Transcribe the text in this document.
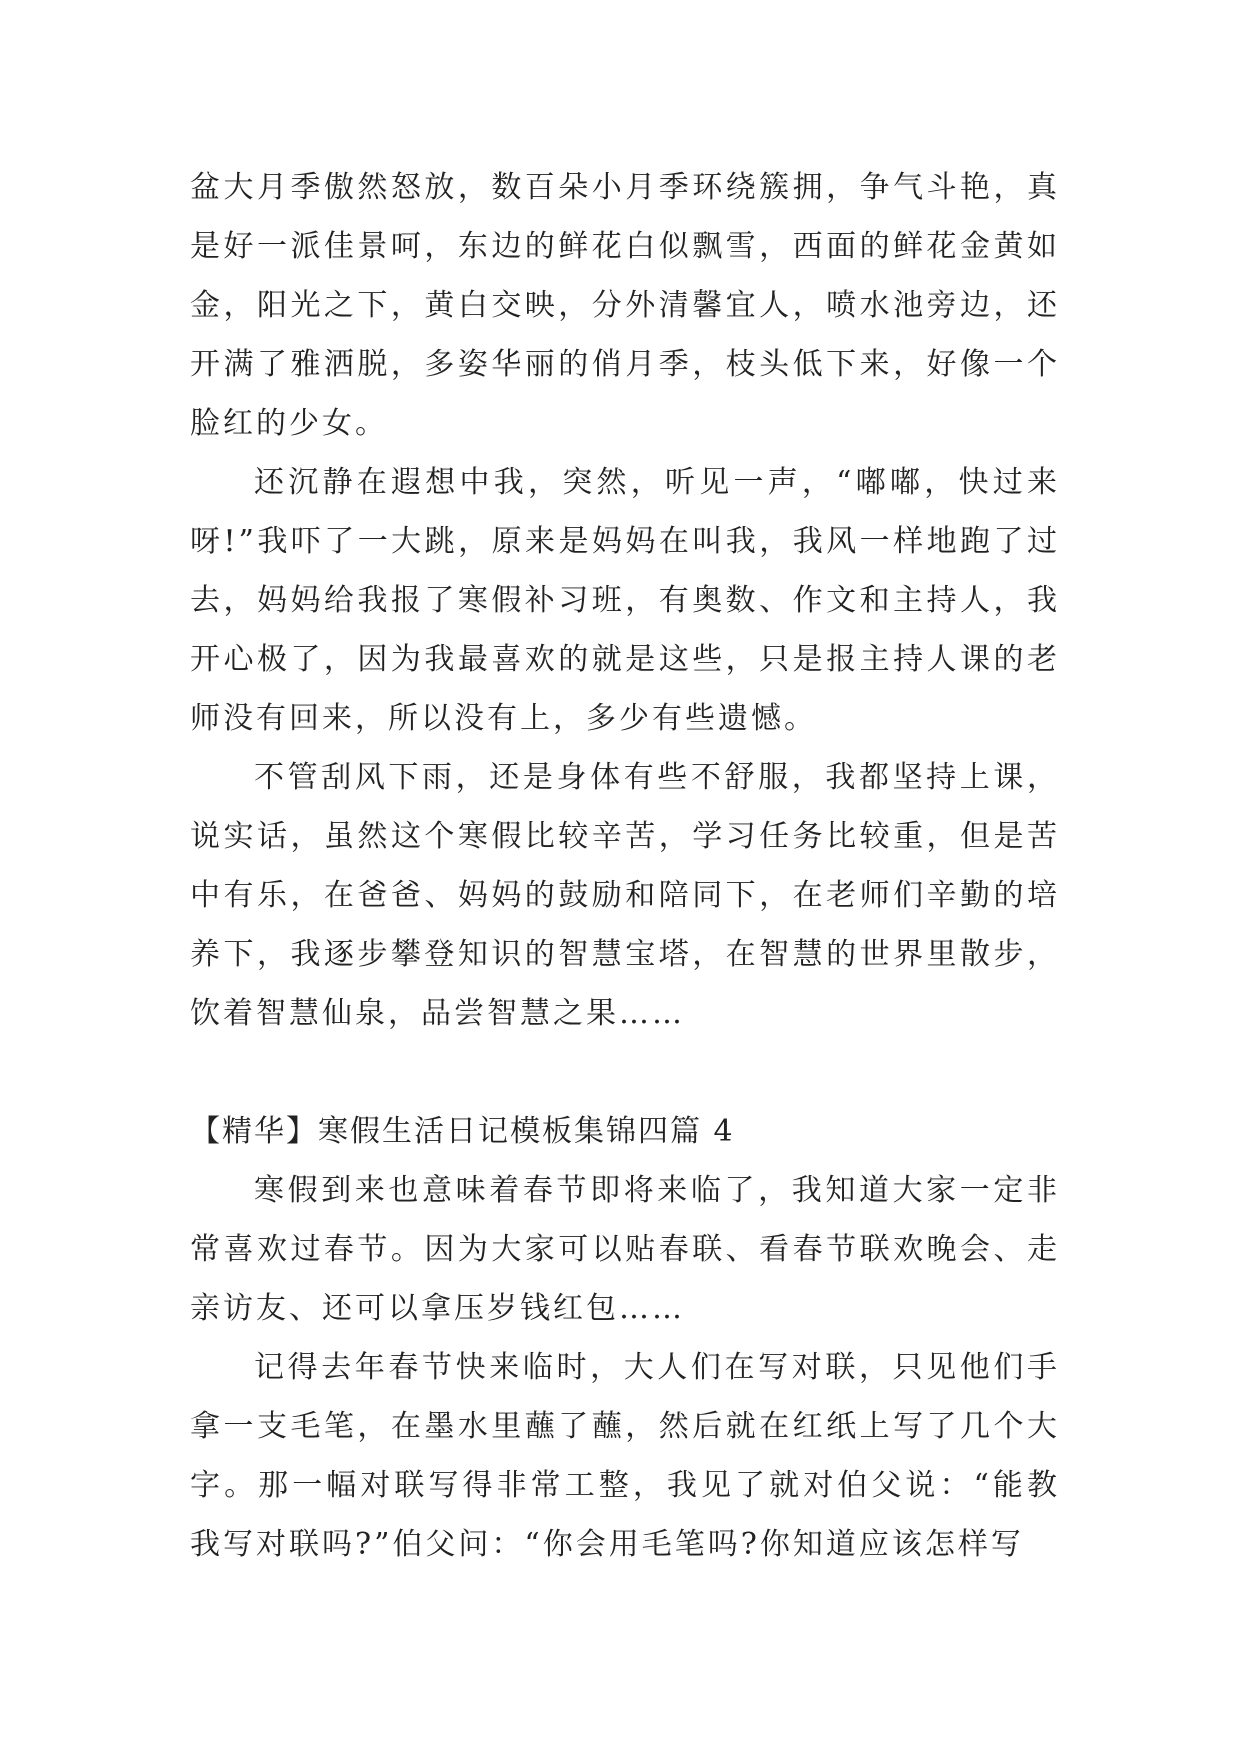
盆大月季傲然怒放，数百朵小月季环绕簇拥，争气斗艳，真是好一派佳景呵，东边的鲜花白似飘雪，西面的鲜花金黄如金，阳光之下，黄白交映，分外清馨宜人，喷水池旁边，还开满了雅洒脱，多姿华丽的俏月季，枝头低下来，好像一个脸红的少女。

还沉静在遐想中我，突然，听见一声，“嘟嘟，快过来呀!”我吓了一大跳，原来是妈妈在叫我，我风一样地跑了过去，妈妈给我报了寒假补习班，有奥数、作文和主持人，我开心极了，因为我最喜欢的就是这些，只是报主持人课的老师没有回来，所以没有上，多少有些遗憾。

不管刮风下雨，还是身体有些不舒服，我都坚持上课，说实话，虽然这个寒假比较辛苦，学习任务比较重，但是苦中有乐，在爸爸、妈妈的鼓励和陪同下，在老师们辛勤的培养下，我逐步攀登知识的智慧宝塔，在智慧的世界里散步，饮着智慧仙泉，品尝智慧之果……

【精华】寒假生活日记模板集锦四篇 4

寒假到来也意味着春节即将来临了，我知道大家一定非常喜欢过春节。因为大家可以贴春联、看春节联欢晚会、走亲访友、还可以拿压岁钱红包……

记得去年春节快来临时，大人们在写对联，只见他们手拿一支毛笔，在墨水里蘸了蘸，然后就在红纸上写了几个大字。那一幅对联写得非常工整，我见了就对伯父说：“能教我写对联吗?”伯父问：“你会用毛笔吗?你知道应该怎样写
